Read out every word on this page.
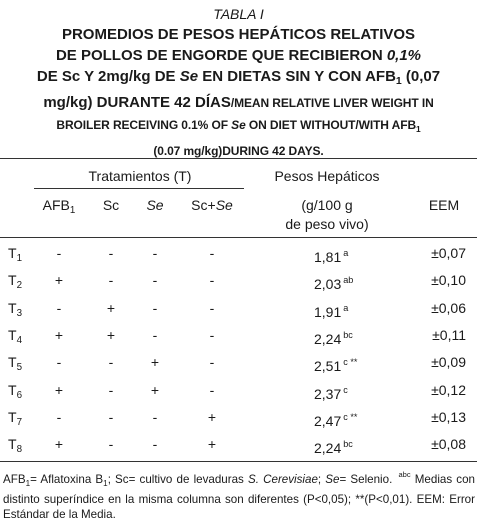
TABLA I
PROMEDIOS DE PESOS HEPÁTICOS RELATIVOS
DE POLLOS DE ENGORDE QUE RECIBIERON 0,1%
DE Sc Y 2mg/kg DE Se EN DIETAS SIN Y CON $AFB_1$ (0,07
mg/kg) DURANTE 42 DÍAS/MEAN RELATIVE LIVER WEIGHT IN
BROILER RECEIVING 0.1% OF Se ON DIET WITHOUT/WITH $AFB_1$
(0.07 mg/kg)DURING 42 DAYS.
Tratamientos (T)	Pesos Hepáticos
$AFB_1$	Sc	Se	Sc+Se	(g/100 g
de peso vivo)
EEM
$T_1$	-	-	-	-	1,81 $^a$	±0,07
$T_2$	+	-	-	-	2,03 $^{ab}$	±0,10
$T_3$	-	+	-	-	1,91 $^a$	±0,06
$T_4$	+	+	-	-	2,24 $^{bc}$	±0,11
$T_5$	-	-	+	-	2,51 $^{c **}$	±0,09
$T_6$	+	-	+	-	2,37 $^c$	±0,12
$T_7$	-	-	-	+	2,47 $^{c **}$	±0,13
$T_8$	+	-	-	+	2,24 $^{bc}$	±0,08
$AFB_1=$ Aflatoxina $B_1$; Sc= cultivo de levaduras S. Cerevisiae; Se= Selenio. $^{abc}$ Medias con distinto superíndice en la misma columna son diferentes (P<0,05); **(P<0,01). EEM: Error Estándar de la Media.
